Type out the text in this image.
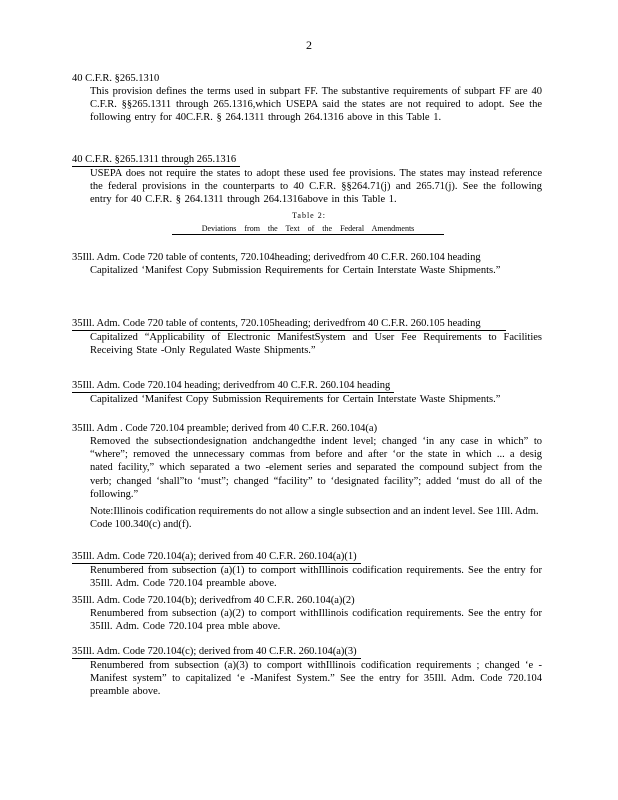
2
40 C.F.R. §265.1310
This provision defines the terms used in subpart FF. The substantive requirements of subpart FF are 40 C.F.R. §§265.1311 through 265.1316,which USEPA said the states are not required to adopt. See the following entry for 40C.F.R. § 264.1311 through 264.1316 above in this Table 1.
40 C.F.R. §265.1311 through 265.1316
USEPA does not require the states to adopt these used fee provisions. The states may instead reference the federal provisions in the counterparts to 40 C.F.R. §§264.71(j) and 265.71(j). See the following entry for 40 C.F.R. § 264.1311 through 264.1316above in this Table 1.
Table 2:
Deviations from the Text of the Federal Amendments
35Ill. Adm. Code 720 table of contents, 720.104heading; derivedfrom 40 C.F.R. 260.104 heading
Capitalized ‘Manifest Copy Submission Requirements for Certain Interstate Waste Shipments.”
35Ill. Adm. Code 720 table of contents, 720.105heading; derivedfrom 40 C.F.R. 260.105 heading
Capitalized “Applicability of Electronic ManifestSystem and User Fee Requirements to Facilities Receiving State -Only Regulated Waste Shipments.”
35Ill. Adm. Code 720.104 heading; derivedfrom 40 C.F.R. 260.104 heading
Capitalized ‘Manifest Copy Submission Requirements for Certain Interstate Waste Shipments.”
35Ill. Adm . Code 720.104 preamble; derived from 40 C.F.R. 260.104(a)
Removed the subsectiondesignation andchangedthe indent level; changed ‘in any case in which” to “where”; removed the unnecessary commas from before and after ‘or the state in which ... a desig nated facility,” which separated a two -element series and separated the compound subject from the verb; changed ‘shall”to ‘must”; changed “facility” to ‘designated facility”; added ‘must do all of the following.”
Note:Illinois codification requirements do not allow a single subsection and an indent level. See 1Ill. Adm. Code 100.340(c) and(f).
35Ill. Adm. Code 720.104(a); derived from 40 C.F.R. 260.104(a)(1)
Renumbered from subsection (a)(1) to comport withIllinois codification requirements. See the entry for 35Ill. Adm. Code 720.104 preamble above.
35Ill. Adm. Code 720.104(b); derivedfrom 40 C.F.R. 260.104(a)(2)
Renumbered from subsection (a)(2) to comport withIllinois codification requirements. See the entry for 35Ill. Adm. Code 720.104 prea mble above.
35Ill. Adm. Code 720.104(c); derived from 40 C.F.R. 260.104(a)(3)
Renumbered from subsection (a)(3) to comport withIllinois codification requirements ; changed ‘e -Manifest system” to capitalized ‘e -Manifest System.” See the entry for 35Ill. Adm. Code 720.104 preamble above.
